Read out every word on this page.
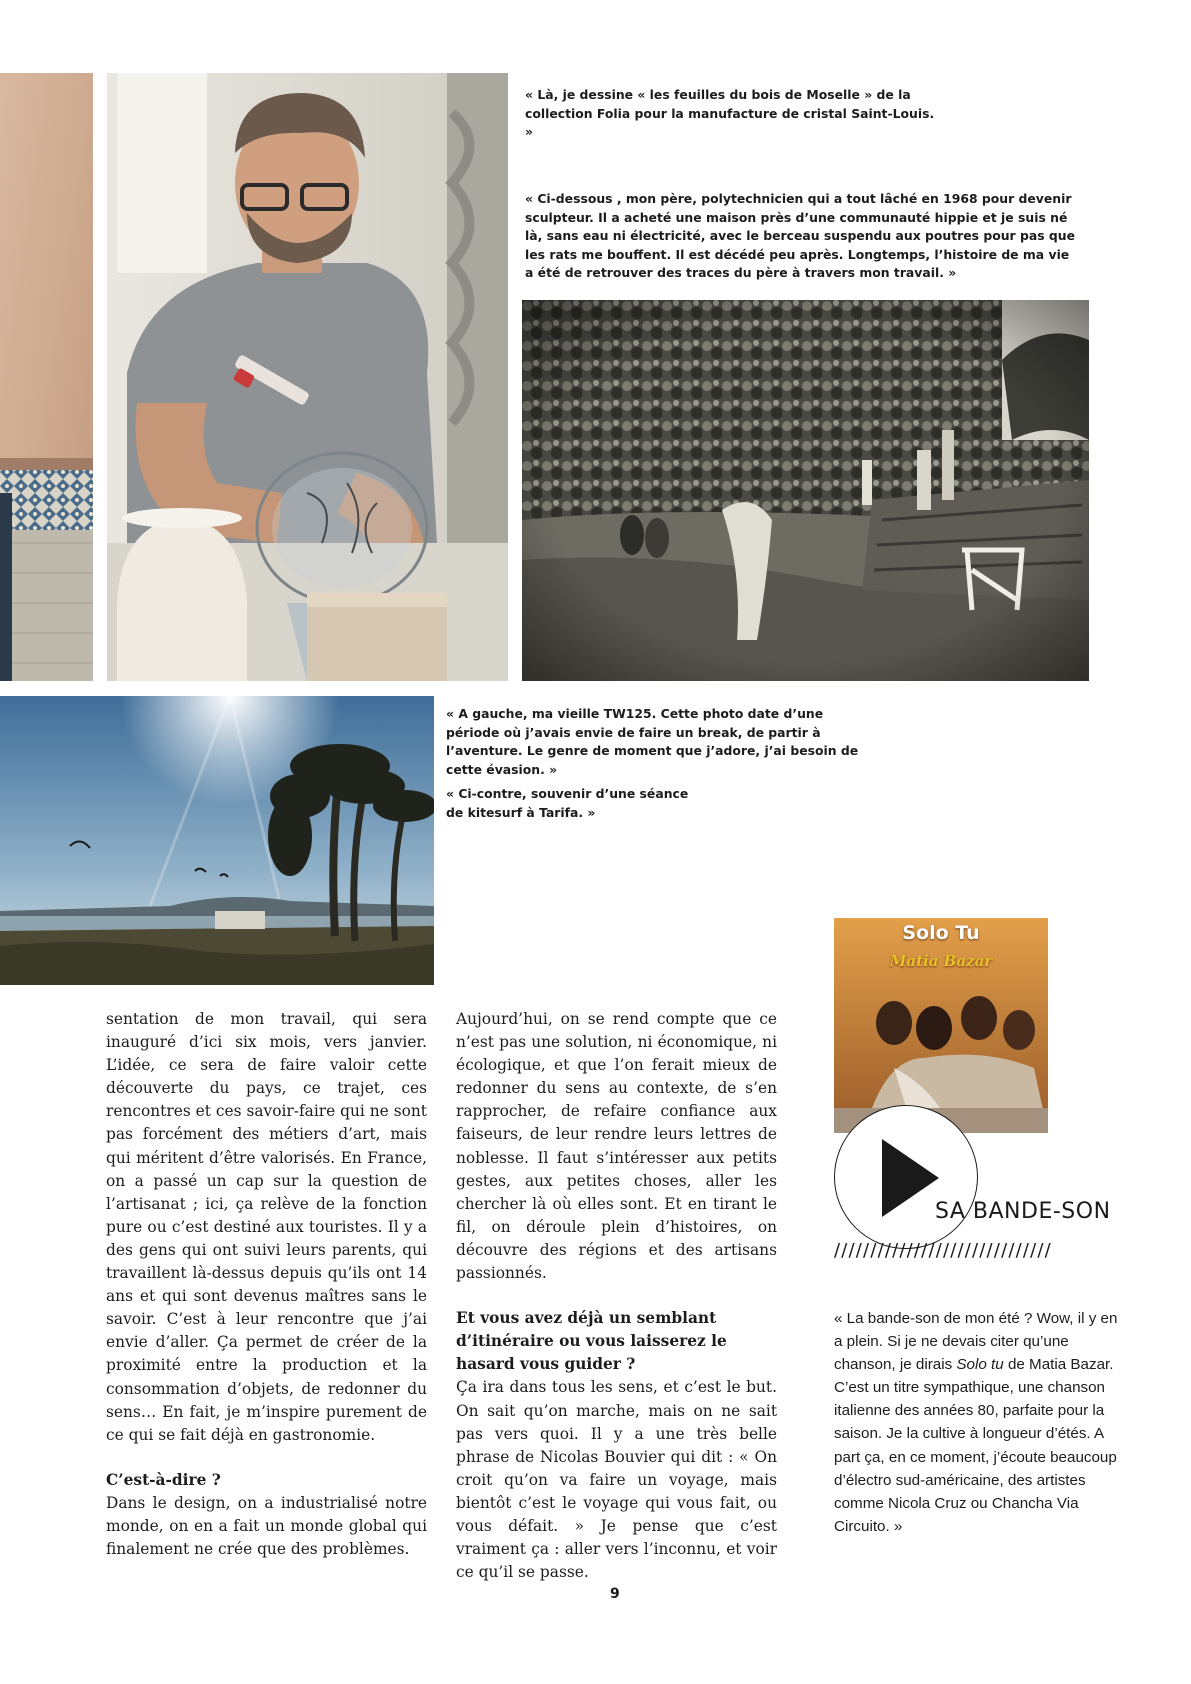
« Là, je dessine « les feuilles du bois de Moselle » de la collection Folia pour la manufacture de cristal Saint-Louis. »

« Ci-dessous , mon père, polytechnicien qui a tout lâché en 1968 pour devenir sculpteur. Il a acheté une maison près d’une communauté hippie et je suis né là, sans eau ni électricité, avec le berceau suspendu aux poutres pour pas que les rats me bouffent. Il est décédé peu après. Longtemps, l’histoire de ma vie a été de retrouver des traces du père à travers mon travail. »

« A gauche, ma vieille TW125. Cette photo date d’une période où j’avais envie de faire un break, de partir à l’aventure. Le genre de moment que j’adore, j’ai besoin de cette évasion. »

« Ci-contre, souvenir d’une séance de kitesurf à Tarifa. »

Solo Tu
Matia Bazar
SA BANDE-SON
//////////////////////////////

« La bande-son de mon été ? Wow, il y en a plein. Si je ne devais citer qu’une chanson, je dirais Solo tu de Matia Bazar. C’est un titre sympathique, une chanson italienne des années 80, parfaite pour la saison. Je la cultive à longueur d’étés. A part ça, en ce moment, j’écoute beaucoup d’électro sud-américaine, des artistes comme Nicola Cruz ou Chancha Via Circuito. »

sentation de mon travail, qui sera inauguré d’ici six mois, vers janvier. L’idée, ce sera de faire valoir cette découverte du pays, ce trajet, ces rencontres et ces savoir-faire qui ne sont pas forcément des métiers d’art, mais qui méritent d’être valorisés. En France, on a passé un cap sur la question de l’artisanat ; ici, ça relève de la fonction pure ou c’est destiné aux touristes. Il y a des gens qui ont suivi leurs parents, qui travaillent là-dessus depuis qu’ils ont 14 ans et qui sont devenus maîtres sans le savoir. C’est à leur rencontre que j’ai envie d’aller. Ça permet de créer de la proximité entre la production et la consommation d’objets, de redonner du sens… En fait, je m’inspire purement de ce qui se fait déjà en gastronomie.

C’est-à-dire ?

Dans le design, on a industrialisé notre monde, on en a fait un monde global qui finalement ne crée que des problèmes.

Aujourd’hui, on se rend compte que ce n’est pas une solution, ni économique, ni écologique, et que l’on ferait mieux de redonner du sens au contexte, de s’en rapprocher, de refaire confiance aux faiseurs, de leur rendre leurs lettres de noblesse. Il faut s’intéresser aux petits gestes, aux petites choses, aller les chercher là où elles sont. Et en tirant le fil, on déroule plein d’histoires, on découvre des régions et des artisans passionnés.

Et vous avez déjà un semblant d’itinéraire ou vous laisserez le hasard vous guider ?

Ça ira dans tous les sens, et c’est le but. On sait qu’on marche, mais on ne sait pas vers quoi. Il y a une très belle phrase de Nicolas Bouvier qui dit : « On croit qu’on va faire un voyage, mais bientôt c’est le voyage qui vous fait, ou vous défait. » Je pense que c’est vraiment ça : aller vers l’inconnu, et voir ce qu’il se passe.

9
